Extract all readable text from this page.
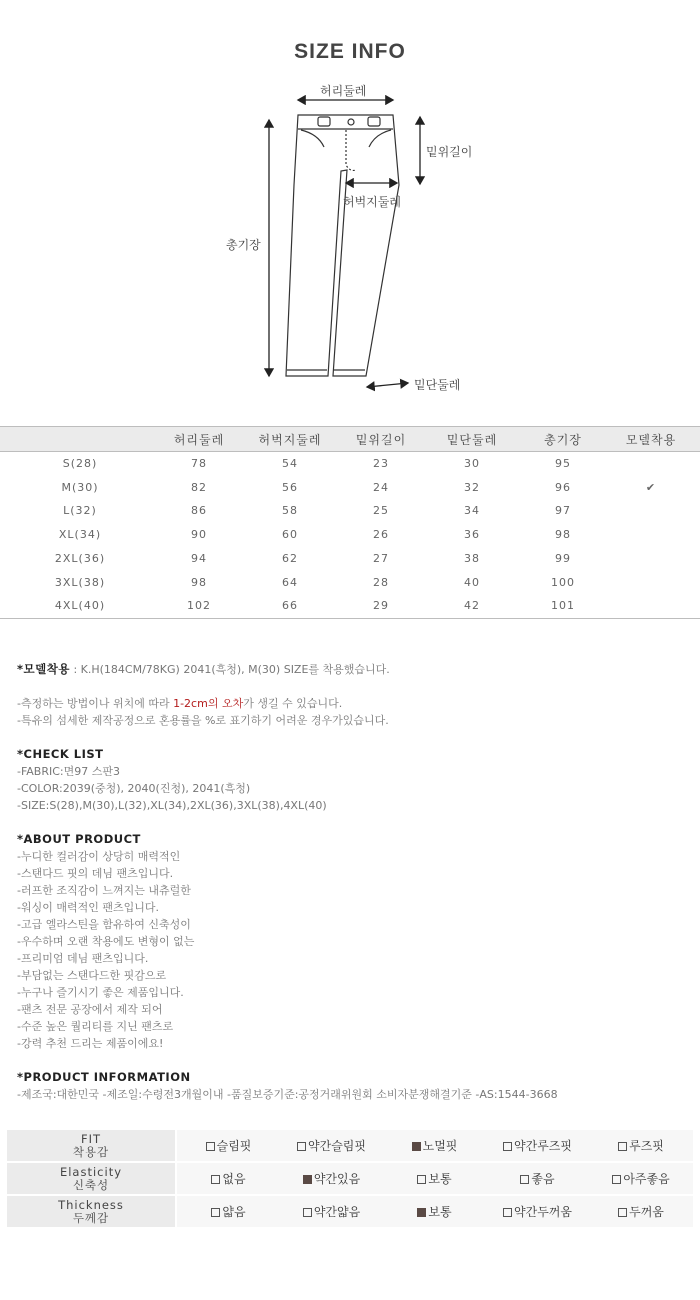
SIZE INFO
허리둘레
밑위길이
허벅지둘레
총기장
밑단둘레
	허리둘레	허벅지둘레	밑위길이	밑단둘레	총기장	모델착용
S(28)	78	54	23	30	95	
M(30)	82	56	24	32	96	✔
L(32)	86	58	25	34	97	
XL(34)	90	60	26	36	98	
2XL(36)	94	62	27	38	99	
3XL(38)	98	64	28	40	100	
4XL(40)	102	66	29	42	101	
*모델착용 : K.H(184CM/78KG) 2041(흑청), M(30) SIZE를 착용했습니다.
-측정하는 방법이나 위치에 따라 1-2cm의 오차가 생길 수 있습니다.
-특유의 섬세한 제작공정으로 혼용률을 %로 표기하기 어려운 경우가있습니다.
*CHECK LIST
-FABRIC:면97 스판3
-COLOR:2039(중청), 2040(진청), 2041(흑청)
-SIZE:S(28),M(30),L(32),XL(34),2XL(36),3XL(38),4XL(40)
*ABOUT PRODUCT
-누디한 컬러감이 상당히 매력적인
-스탠다드 핏의 데님 팬츠입니다.
-러프한 조직감이 느껴지는 내츄럴한
-워싱이 매력적인 팬츠입니다.
-고급 엘라스틴을 함유하여 신축성이
-우수하며 오랜 착용에도 변형이 없는
-프리미엄 데님 팬츠입니다.
-부담없는 스탠다드한 핏감으로
-누구나 즐기시기 좋은 제품입니다.
-팬츠 전문 공장에서 제작 되어
-수준 높은 퀄리티를 지닌 팬츠로
-강력 추천 드리는 제품이에요!
*PRODUCT INFORMATION
-제조국:대한민국 -제조일:수령전3개월이내 -품질보증기준:공정거래위원회 소비자분쟁해결기준 -AS:1544-3668
FIT
착용감	슬림핏	약간슬림핏	노멀핏	약간루즈핏	루즈핏

Elasticity
신축성	없음	약간있음	보통	좋음	아주좋음

Thickness
두께감	얇음	약간얇음	보통	약간두꺼움	두꺼움
